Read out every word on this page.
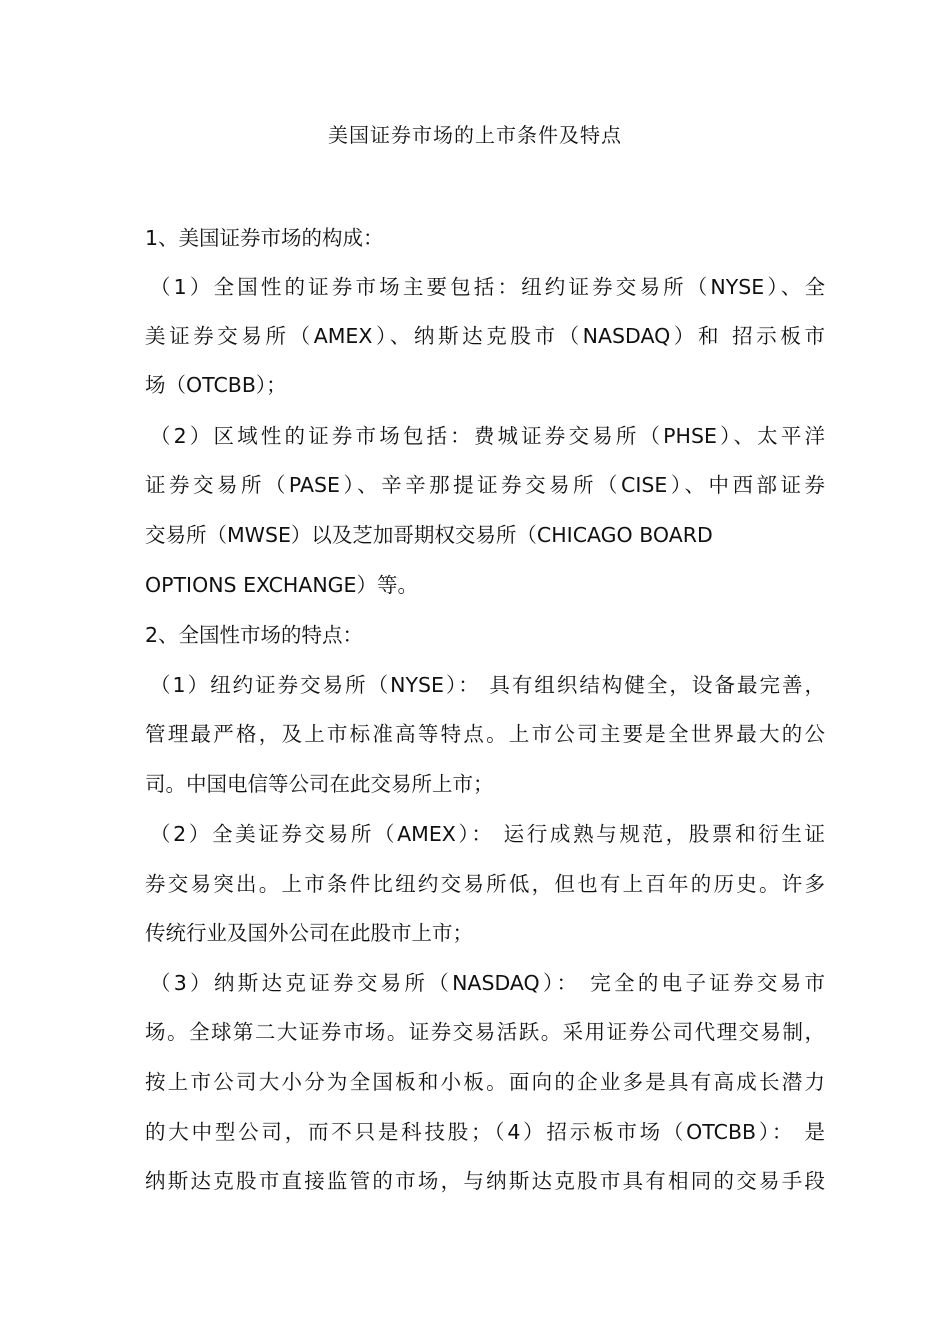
美国证券市场的上市条件及特点
1、美国证券市场的构成：
（1）全国性的证券市场主要包括：纽约证券交易所（NYSE）、全
美证券交易所（AMEX）、纳斯达克股市（NASDAQ）和 招示板市
场（OTCBB）；
（2）区域性的证券市场包括：费城证券交易所（PHSE）、太平洋
证券交易所（PASE）、辛辛那提证券交易所（CISE）、中西部证券
交易所（MWSE）以及芝加哥期权交易所（CHICAGO BOARD
OPTIONS EXCHANGE）等。
2、全国性市场的特点：
（1）纽约证券交易所（NYSE）： 具有组织结构健全，设备最完善，
管理最严格，及上市标准高等特点。上市公司主要是全世界最大的公
司。中国电信等公司在此交易所上市；
（2）全美证券交易所（AMEX）： 运行成熟与规范，股票和衍生证
券交易突出。上市条件比纽约交易所低，但也有上百年的历史。许多
传统行业及国外公司在此股市上市；
（3）纳斯达克证券交易所（NASDAQ）： 完全的电子证券交易市
场。全球第二大证券市场。证券交易活跃。采用证券公司代理交易制，
按上市公司大小分为全国板和小板。面向的企业多是具有高成长潜力
的大中型公司，而不只是科技股；（4）招示板市场（OTCBB）： 是
纳斯达克股市直接监管的市场，与纳斯达克股市具有相同的交易手段
